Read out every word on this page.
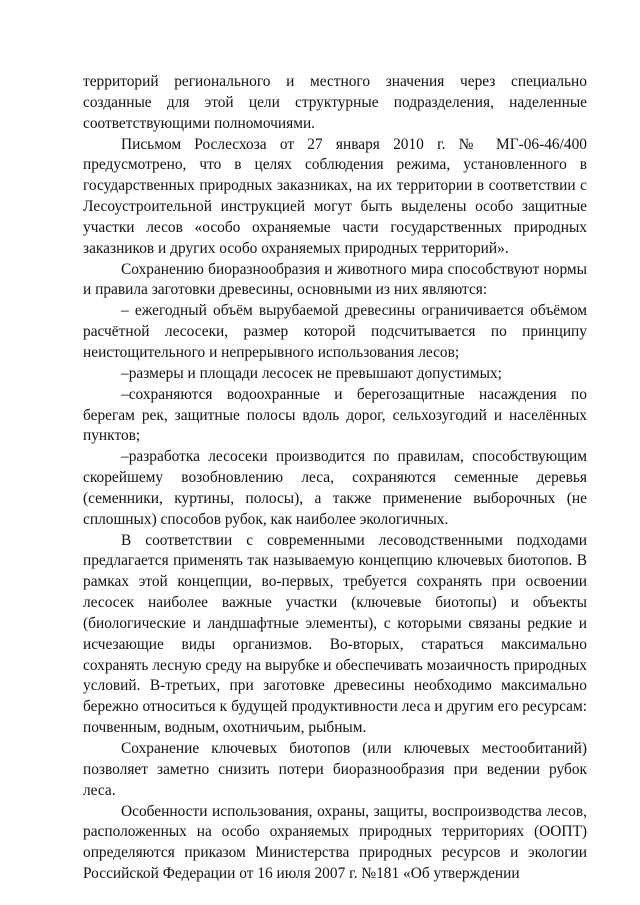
территорий регионального и местного значения через специально созданные для этой цели структурные подразделения, наделенные соответствующими полномочиями.

Письмом Рослесхоза от 27 января 2010 г. № МГ-06-46/400 предусмотрено, что в целях соблюдения режима, установленного в государственных природных заказниках, на их территории в соответствии с Лесоустроительной инструкцией могут быть выделены особо защитные участки лесов «особо охраняемые части государственных природных заказников и других особо охраняемых природных территорий».

Сохранению биоразнообразия и животного мира способствуют нормы и правила заготовки древесины, основными из них являются:

– ежегодный объём вырубаемой древесины ограничивается объёмом расчётной лесосеки, размер которой подсчитывается по принципу неистощительного и непрерывного использования лесов;

–размеры и площади лесосек не превышают допустимых;

–сохраняются водоохранные и берегозащитные насаждения по берегам рек, защитные полосы вдоль дорог, сельхозугодий и населённых пунктов;

–разработка лесосеки производится по правилам, способствующим скорейшему возобновлению леса, сохраняются семенные деревья (семенники, куртины, полосы), а также применение выборочных (не сплошных) способов рубок, как наиболее экологичных.

В соответствии с современными лесоводственными подходами предлагается применять так называемую концепцию ключевых биотопов. В рамках этой концепции, во-первых, требуется сохранять при освоении лесосек наиболее важные участки (ключевые биотопы) и объекты (биологические и ландшафтные элементы), с которыми связаны редкие и исчезающие виды организмов. Во-вторых, стараться максимально сохранять лесную среду на вырубке и обеспечивать мозаичность природных условий. В-третьих, при заготовке древесины необходимо максимально бережно относиться к будущей продуктивности леса и другим его ресурсам: почвенным, водным, охотничьим, рыбным.

Сохранение ключевых биотопов (или ключевых местообитаний) позволяет заметно снизить потери биоразнообразия при ведении рубок леса.

Особенности использования, охраны, защиты, воспроизводства лесов, расположенных на особо охраняемых природных территориях (ООПТ) определяются приказом Министерства природных ресурсов и экологии Российской Федерации от 16 июля 2007 г. №181 «Об утверждении
